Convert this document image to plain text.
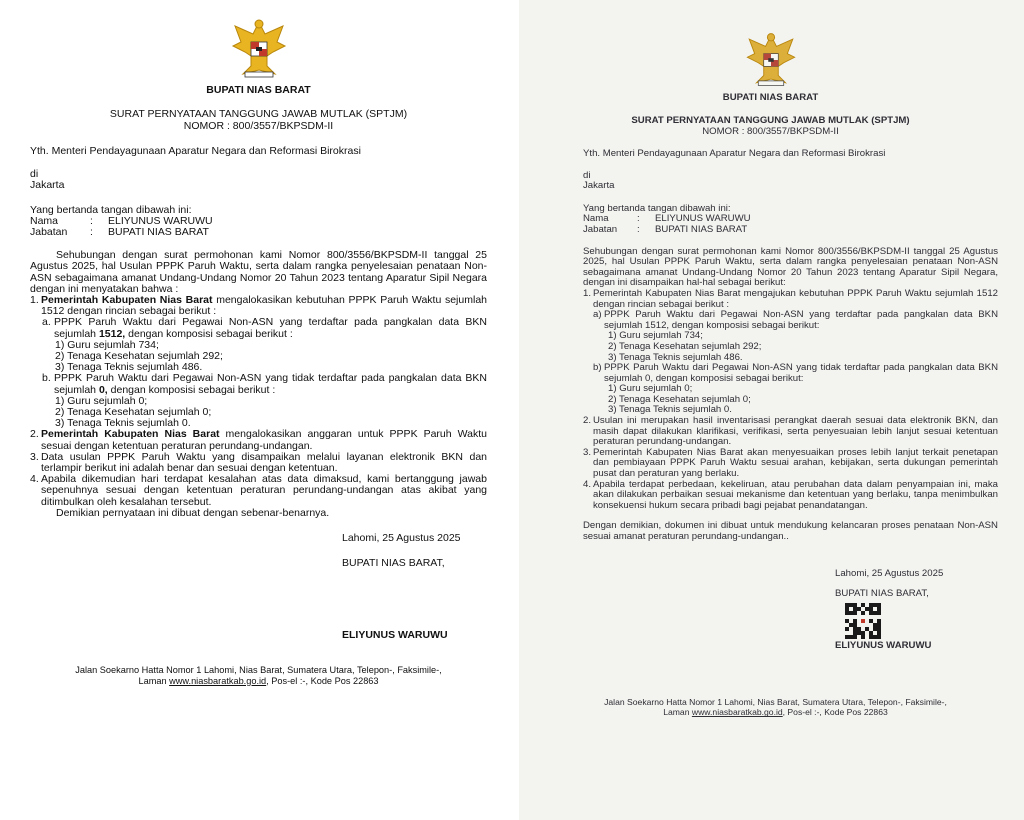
BUPATI NIAS BARAT
SURAT PERNYATAAN TANGGUNG JAWAB MUTLAK (SPTJM)
NOMOR : 800/3557/BKPSDM-II
Yth. Menteri Pendayagunaan Aparatur Negara dan Reformasi Birokrasi
di
Jakarta
Yang bertanda tangan dibawah ini:
Nama	:	ELIYUNUS WARUWU
Jabatan	:	BUPATI NIAS BARAT
Sehubungan dengan surat permohonan kami Nomor 800/3556/BKPSDM-II tanggal 25 Agustus 2025, hal Usulan PPPK Paruh Waktu, serta dalam rangka penyelesaian penataan Non-ASN sebagaimana amanat Undang-Undang Nomor 20 Tahun 2023 tentang Aparatur Sipil Negara dengan ini menyatakan bahwa :
1. Pemerintah Kabupaten Nias Barat mengalokasikan kebutuhan PPPK Paruh Waktu sejumlah 1512 dengan rincian sebagai berikut :
a. PPPK Paruh Waktu dari Pegawai Non-ASN yang terdaftar pada pangkalan data BKN sejumlah 1512, dengan komposisi sebagai berikut :
1) Guru sejumlah 734;
2) Tenaga Kesehatan sejumlah 292;
3) Tenaga Teknis sejumlah 486.
b. PPPK Paruh Waktu dari Pegawai Non-ASN yang tidak terdaftar pada pangkalan data BKN sejumlah 0, dengan komposisi sebagai berikut :
1) Guru sejumlah 0;
2) Tenaga Kesehatan sejumlah 0;
3) Tenaga Teknis sejumlah 0.
2. Pemerintah Kabupaten Nias Barat mengalokasikan anggaran untuk PPPK Paruh Waktu sesuai dengan ketentuan peraturan perundang-undangan.
3. Data usulan PPPK Paruh Waktu yang disampaikan melalui layanan elektronik BKN dan terlampir berikut ini adalah benar dan sesuai dengan ketentuan.
4. Apabila dikemudian hari terdapat kesalahan atas data dimaksud, kami bertanggung jawab sepenuhnya sesuai dengan ketentuan peraturan perundang-undangan atas akibat yang ditimbulkan oleh kesalahan tersebut.
Demikian pernyataan ini dibuat dengan sebenar-benarnya.
Lahomi, 25 Agustus 2025
BUPATI NIAS BARAT,
ELIYUNUS WARUWU
Jalan Soekarno Hatta Nomor 1 Lahomi, Nias Barat, Sumatera Utara, Telepon-, Faksimile-,
Laman www.niasbaratkab.go.id, Pos-el :-, Kode Pos 22863
BUPATI NIAS BARAT
SURAT PERNYATAAN TANGGUNG JAWAB MUTLAK (SPTJM)
NOMOR : 800/3557/BKPSDM-II
Yth. Menteri Pendayagunaan Aparatur Negara dan Reformasi Birokrasi
di
Jakarta
Yang bertanda tangan dibawah ini:
Nama	:	ELIYUNUS WARUWU
Jabatan	:	BUPATI NIAS BARAT
Sehubungan dengan surat permohonan kami Nomor 800/3556/BKPSDM-II tanggal 25 Agustus 2025, hal Usulan PPPK Paruh Waktu, serta dalam rangka penyelesaian penataan Non-ASN sebagaimana amanat Undang-Undang Nomor 20 Tahun 2023 tentang Aparatur Sipil Negara, dengan ini disampaikan hal-hal sebagai berikut:
1. Pemerintah Kabupaten Nias Barat mengajukan kebutuhan PPPK Paruh Waktu sejumlah 1512 dengan rincian sebagai berikut :
a) PPPK Paruh Waktu dari Pegawai Non-ASN yang terdaftar pada pangkalan data BKN sejumlah 1512, dengan komposisi sebagai berikut:
1) Guru sejumlah 734;
2) Tenaga Kesehatan sejumlah 292;
3) Tenaga Teknis sejumlah 486.
b) PPPK Paruh Waktu dari Pegawai Non-ASN yang tidak terdaftar pada pangkalan data BKN sejumlah 0, dengan komposisi sebagai berikut:
1) Guru sejumlah 0;
2) Tenaga Kesehatan sejumlah 0;
3) Tenaga Teknis sejumlah 0.
2. Usulan ini merupakan hasil inventarisasi perangkat daerah sesuai data elektronik BKN, dan masih dapat dilakukan klarifikasi, verifikasi, serta penyesuaian lebih lanjut sesuai ketentuan peraturan perundang-undangan.
3. Pemerintah Kabupaten Nias Barat akan menyesuaikan proses lebih lanjut terkait penetapan dan pembiayaan PPPK Paruh Waktu sesuai arahan, kebijakan, serta dukungan pemerintah pusat dan peraturan yang berlaku.
4. Apabila terdapat perbedaan, kekeliruan, atau perubahan data dalam penyampaian ini, maka akan dilakukan perbaikan sesuai mekanisme dan ketentuan yang berlaku, tanpa menimbulkan konsekuensi hukum secara pribadi bagi pejabat penandatangan.
Dengan demikian, dokumen ini dibuat untuk mendukung kelancaran proses penataan Non-ASN sesuai amanat peraturan perundang-undangan..
Lahomi, 25 Agustus 2025
BUPATI NIAS BARAT,
ELIYUNUS WARUWU
Jalan Soekarno Hatta Nomor 1 Lahomi, Nias Barat, Sumatera Utara, Telepon-, Faksimile-,
Laman www.niasbaratkab.go.id, Pos-el :-, Kode Pos 22863
